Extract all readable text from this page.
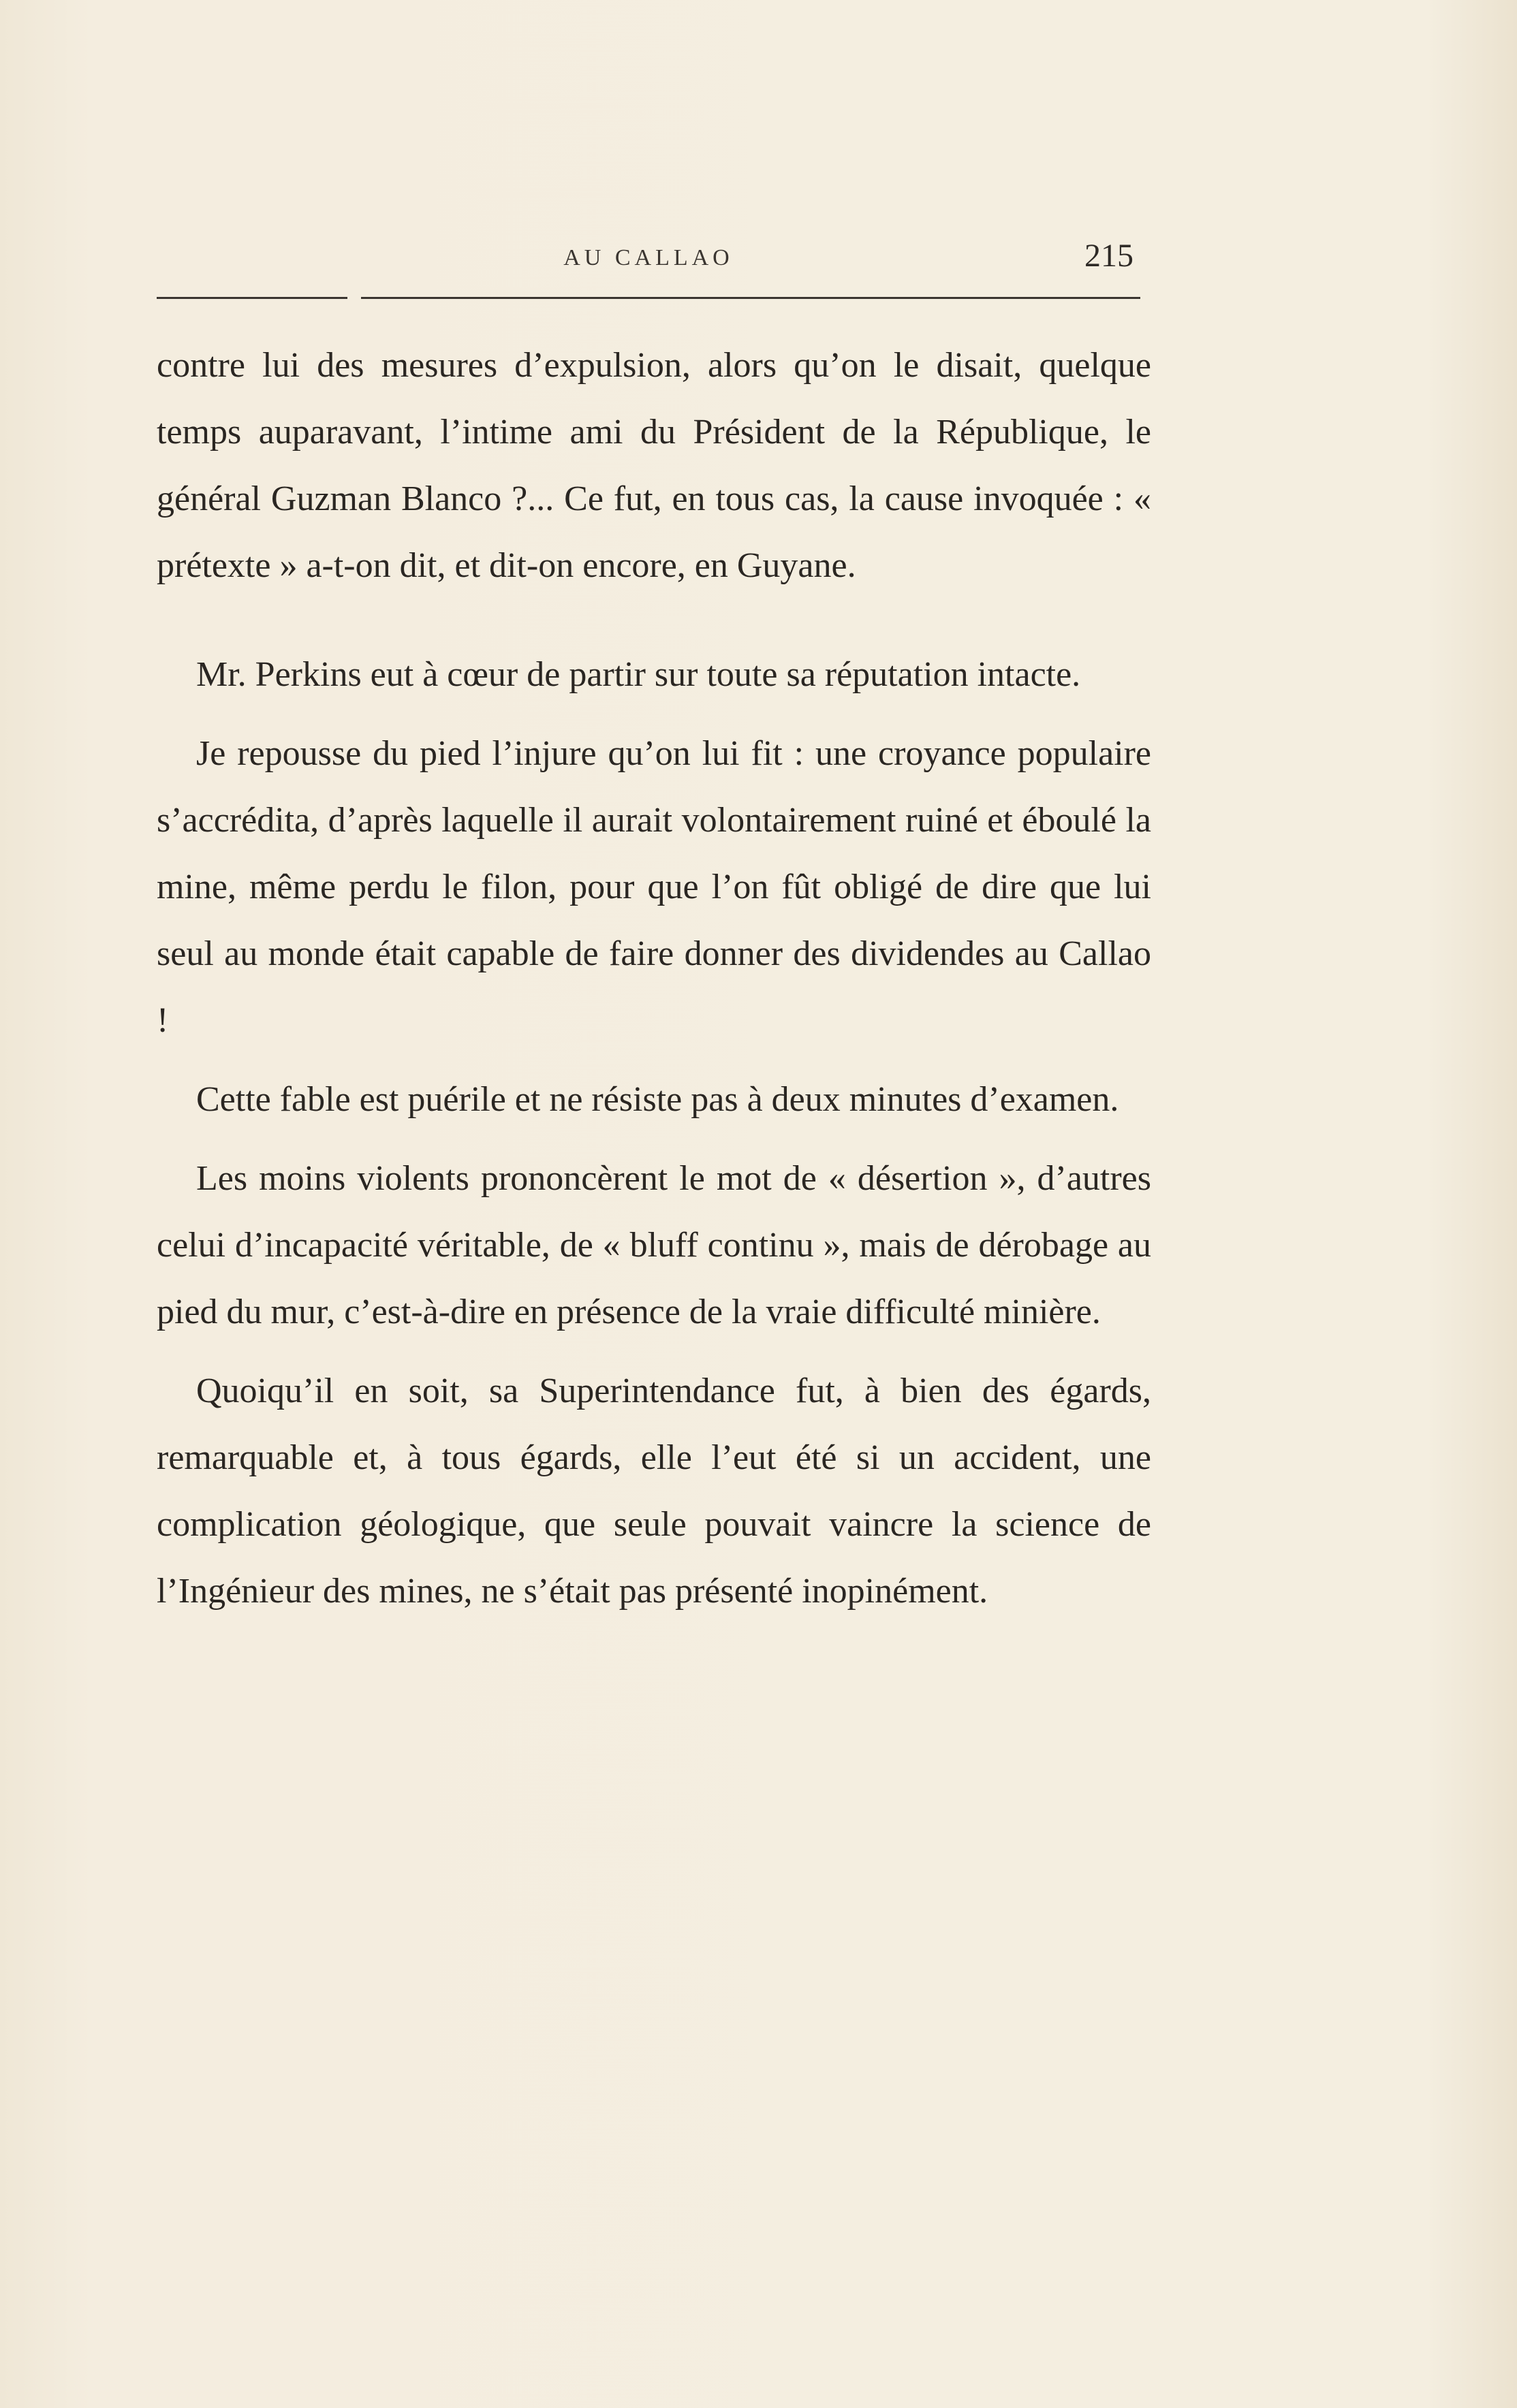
AU CALLAO	215

contre lui des mesures d’expulsion, alors qu’on le disait, quelque temps auparavant, l’intime ami du Président de la République, le général Guzman Blanco ?... Ce fut, en tous cas, la cause invoquée : « prétexte » a-t-on dit, et dit-on encore, en Guyane.

Mr. Perkins eut à cœur de partir sur toute sa réputation intacte.

Je repousse du pied l’injure qu’on lui fit : une croyance populaire s’accrédita, d’après laquelle il aurait volontairement ruiné et éboulé la mine, même perdu le filon, pour que l’on fût obligé de dire que lui seul au monde était capable de faire donner des dividendes au Callao !

Cette fable est puérile et ne résiste pas à deux minutes d’examen.

Les moins violents prononcèrent le mot de « désertion », d’autres celui d’incapacité véritable, de « bluff continu », mais de dérobage au pied du mur, c’est-à-dire en présence de la vraie difficulté minière.

Quoiqu’il en soit, sa Superintendance fut, à bien des égards, remarquable et, à tous égards, elle l’eut été si un accident, une complication géologique, que seule pouvait vaincre la science de l’Ingénieur des mines, ne s’était pas présenté inopinément.
